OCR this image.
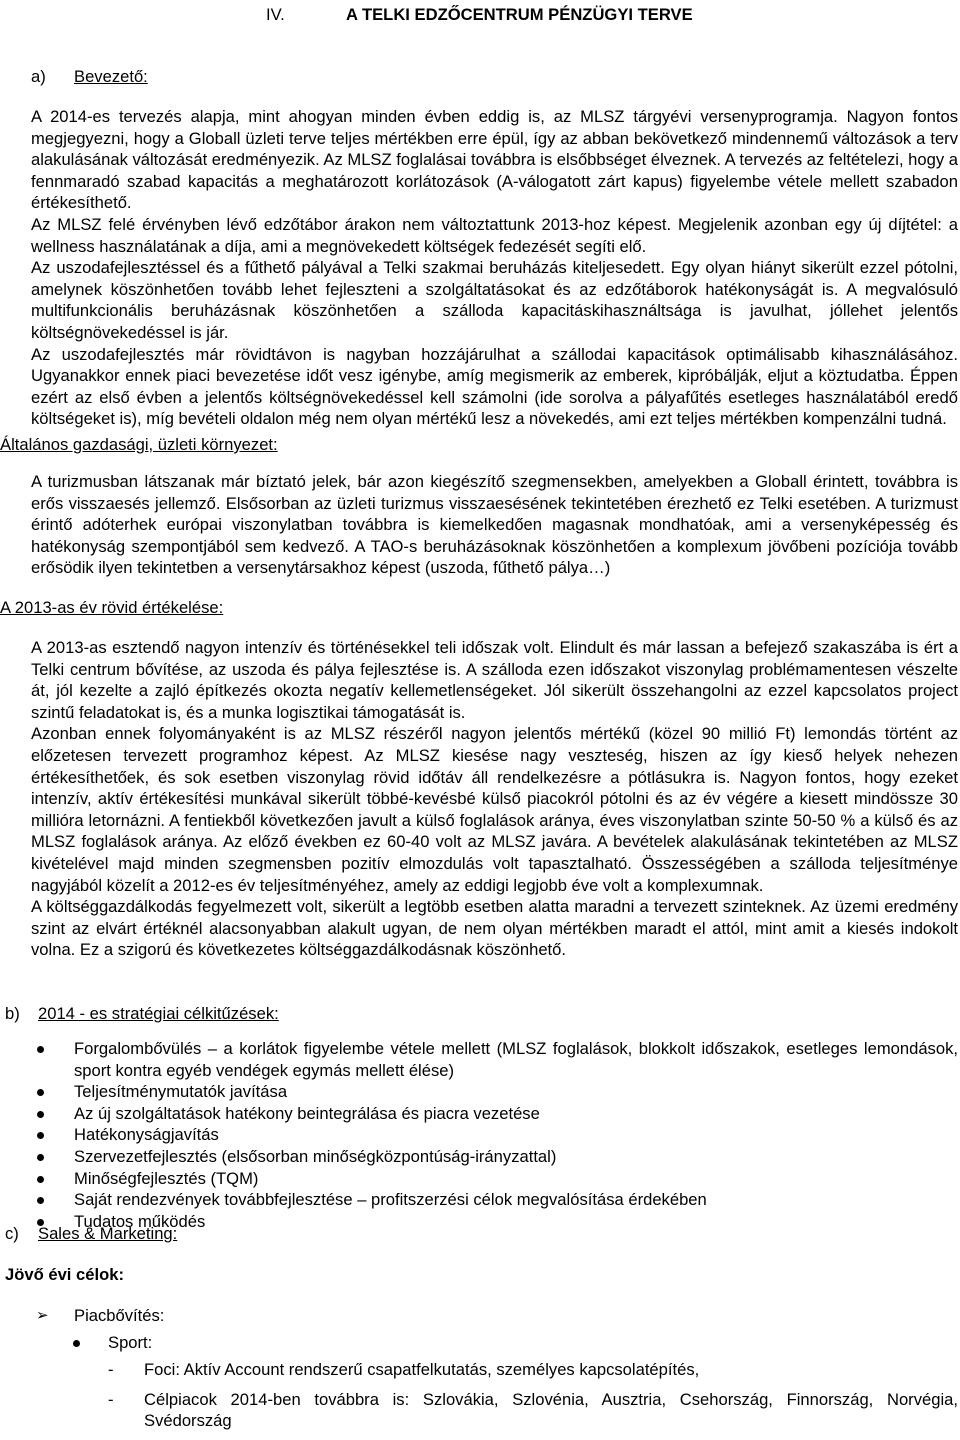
IV.	A TELKI EDZŐCENTRUM PÉNZÜGYI TERVE
a) Bevezető:

A 2014-es tervezés alapja, mint ahogyan minden évben eddig is, az MLSZ tárgyévi versenyprogramja. Nagyon fontos megjegyezni, hogy a Globall üzleti terve teljes mértékben erre épül, így az abban bekövetkező mindennemű változások a terv alakulásának változását eredményezik. Az MLSZ foglalásai továbbra is elsőbbséget élveznek. A tervezés az feltételezi, hogy a fennmaradó szabad kapacitás a meghatározott korlátozások (A-válogatott zárt kapus) figyelembe vétele mellett szabadon értékesíthető.

Az MLSZ felé érvényben lévő edzőtábor árakon nem változtattunk 2013-hoz képest. Megjelenik azonban egy új díjtétel: a wellness használatának a díja, ami a megnövekedett költségek fedezését segíti elő.

Az uszodafejlesztéssel és a fűthető pályával a Telki szakmai beruházás kiteljesedett. Egy olyan hiányt sikerült ezzel pótolni, amelynek köszönhetően tovább lehet fejleszteni a szolgáltatásokat és az edzőtáborok hatékonyságát is. A megvalósuló multifunkcionális beruházásnak köszönhetően a szálloda kapacitáskihasználtsága is javulhat, jóllehet jelentős költségnövekedéssel is jár.

Az uszodafejlesztés már rövidtávon is nagyban hozzájárulhat a szállodai kapacitások optimálisabb kihasználásához. Ugyanakkor ennek piaci bevezetése időt vesz igénybe, amíg megismerik az emberek, kipróbálják, eljut a köztudatba. Éppen ezért az első évben a jelentős költségnövekedéssel kell számolni (ide sorolva a pályafűtés esetleges használatából eredő költségeket is), míg bevételi oldalon még nem olyan mértékű lesz a növekedés, ami ezt teljes mértékben kompenzálni tudná.

Általános gazdasági, üzleti környezet:

A turizmusban látszanak már bíztató jelek, bár azon kiegészítő szegmensekben, amelyekben a Globall érintett, továbbra is erős visszaesés jellemző. Elsősorban az üzleti turizmus visszaesésének tekintetében érezhető ez Telki esetében. A turizmust érintő adóterhek európai viszonylatban továbbra is kiemelkedően magasnak mondhatóak, ami a versenyképesség és hatékonyság szempontjából sem kedvező. A TAO-s beruházásoknak köszönhetően a komplexum jövőbeni pozíciója tovább erősödik ilyen tekintetben a versenytársakhoz képest (uszoda, fűthető pálya…)

A 2013-as év rövid értékelése:

A 2013-as esztendő nagyon intenzív és történésekkel teli időszak volt. Elindult és már lassan a befejező szakaszába is ért a Telki centrum bővítése, az uszoda és pálya fejlesztése is. A szálloda ezen időszakot viszonylag problémamentesen vészelte át, jól kezelte a zajló építkezés okozta negatív kellemetlenségeket. Jól sikerült összehangolni az ezzel kapcsolatos project szintű feladatokat is, és a munka logisztikai támogatását is.

Azonban ennek folyományaként is az MLSZ részéről nagyon jelentős mértékű (közel 90 millió Ft) lemondás történt az előzetesen tervezett programhoz képest. Az MLSZ kiesése nagy veszteség, hiszen az így kieső helyek nehezen értékesíthetőek, és sok esetben viszonylag rövid időtáv áll rendelkezésre a pótlásukra is. Nagyon fontos, hogy ezeket intenzív, aktív értékesítési munkával sikerült többé-kevésbé külső piacokról pótolni és az év végére a kiesett mindössze 30 millióra letornázni. A fentiekből következően javult a külső foglalások aránya, éves viszonylatban szinte 50-50 % a külső és az MLSZ foglalások aránya. Az előző években ez 60-40 volt az MLSZ javára. A bevételek alakulásának tekintetében az MLSZ kivételével majd minden szegmensben pozitív elmozdulás volt tapasztalható. Összességében a szálloda teljesítménye nagyjából közelít a 2012-es év teljesítményéhez, amely az eddigi legjobb éve volt a komplexumnak.

A költséggazdálkodás fegyelmezett volt, sikerült a legtöbb esetben alatta maradni a tervezett szinteknek. Az üzemi eredmény szint az elvárt értéknél alacsonyabban alakult ugyan, de nem olyan mértékben maradt el attól, mint amit a kiesés indokolt volna. Ez a szigorú és következetes költséggazdálkodásnak köszönhető.

b) 2014 - es stratégiai célkitűzések:
Forgalombővülés – a korlátok figyelembe vétele mellett (MLSZ foglalások, blokkolt időszakok, esetleges lemondások, sport kontra egyéb vendégek egymás mellett élése)
Teljesítménymutatók javítása
Az új szolgáltatások hatékony beintegrálása és piacra vezetése
Hatékonyságjavítás
Szervezetfejlesztés (elsősorban minőségközpontúság-irányzattal)
Minőségfejlesztés (TQM)
Saját rendezvények továbbfejlesztése – profitszerzési célok megvalósítása érdekében
Tudatos működés
c) Sales & Marketing:
Jövő évi célok:
➢ Piacbővítés:
Sport:
- Foci: Aktív Account rendszerű csapatfelkutatás, személyes kapcsolatépítés,
- Célpiacok 2014-ben továbbra is: Szlovákia, Szlovénia, Ausztria, Csehország, Finnország, Norvégia, Svédország
